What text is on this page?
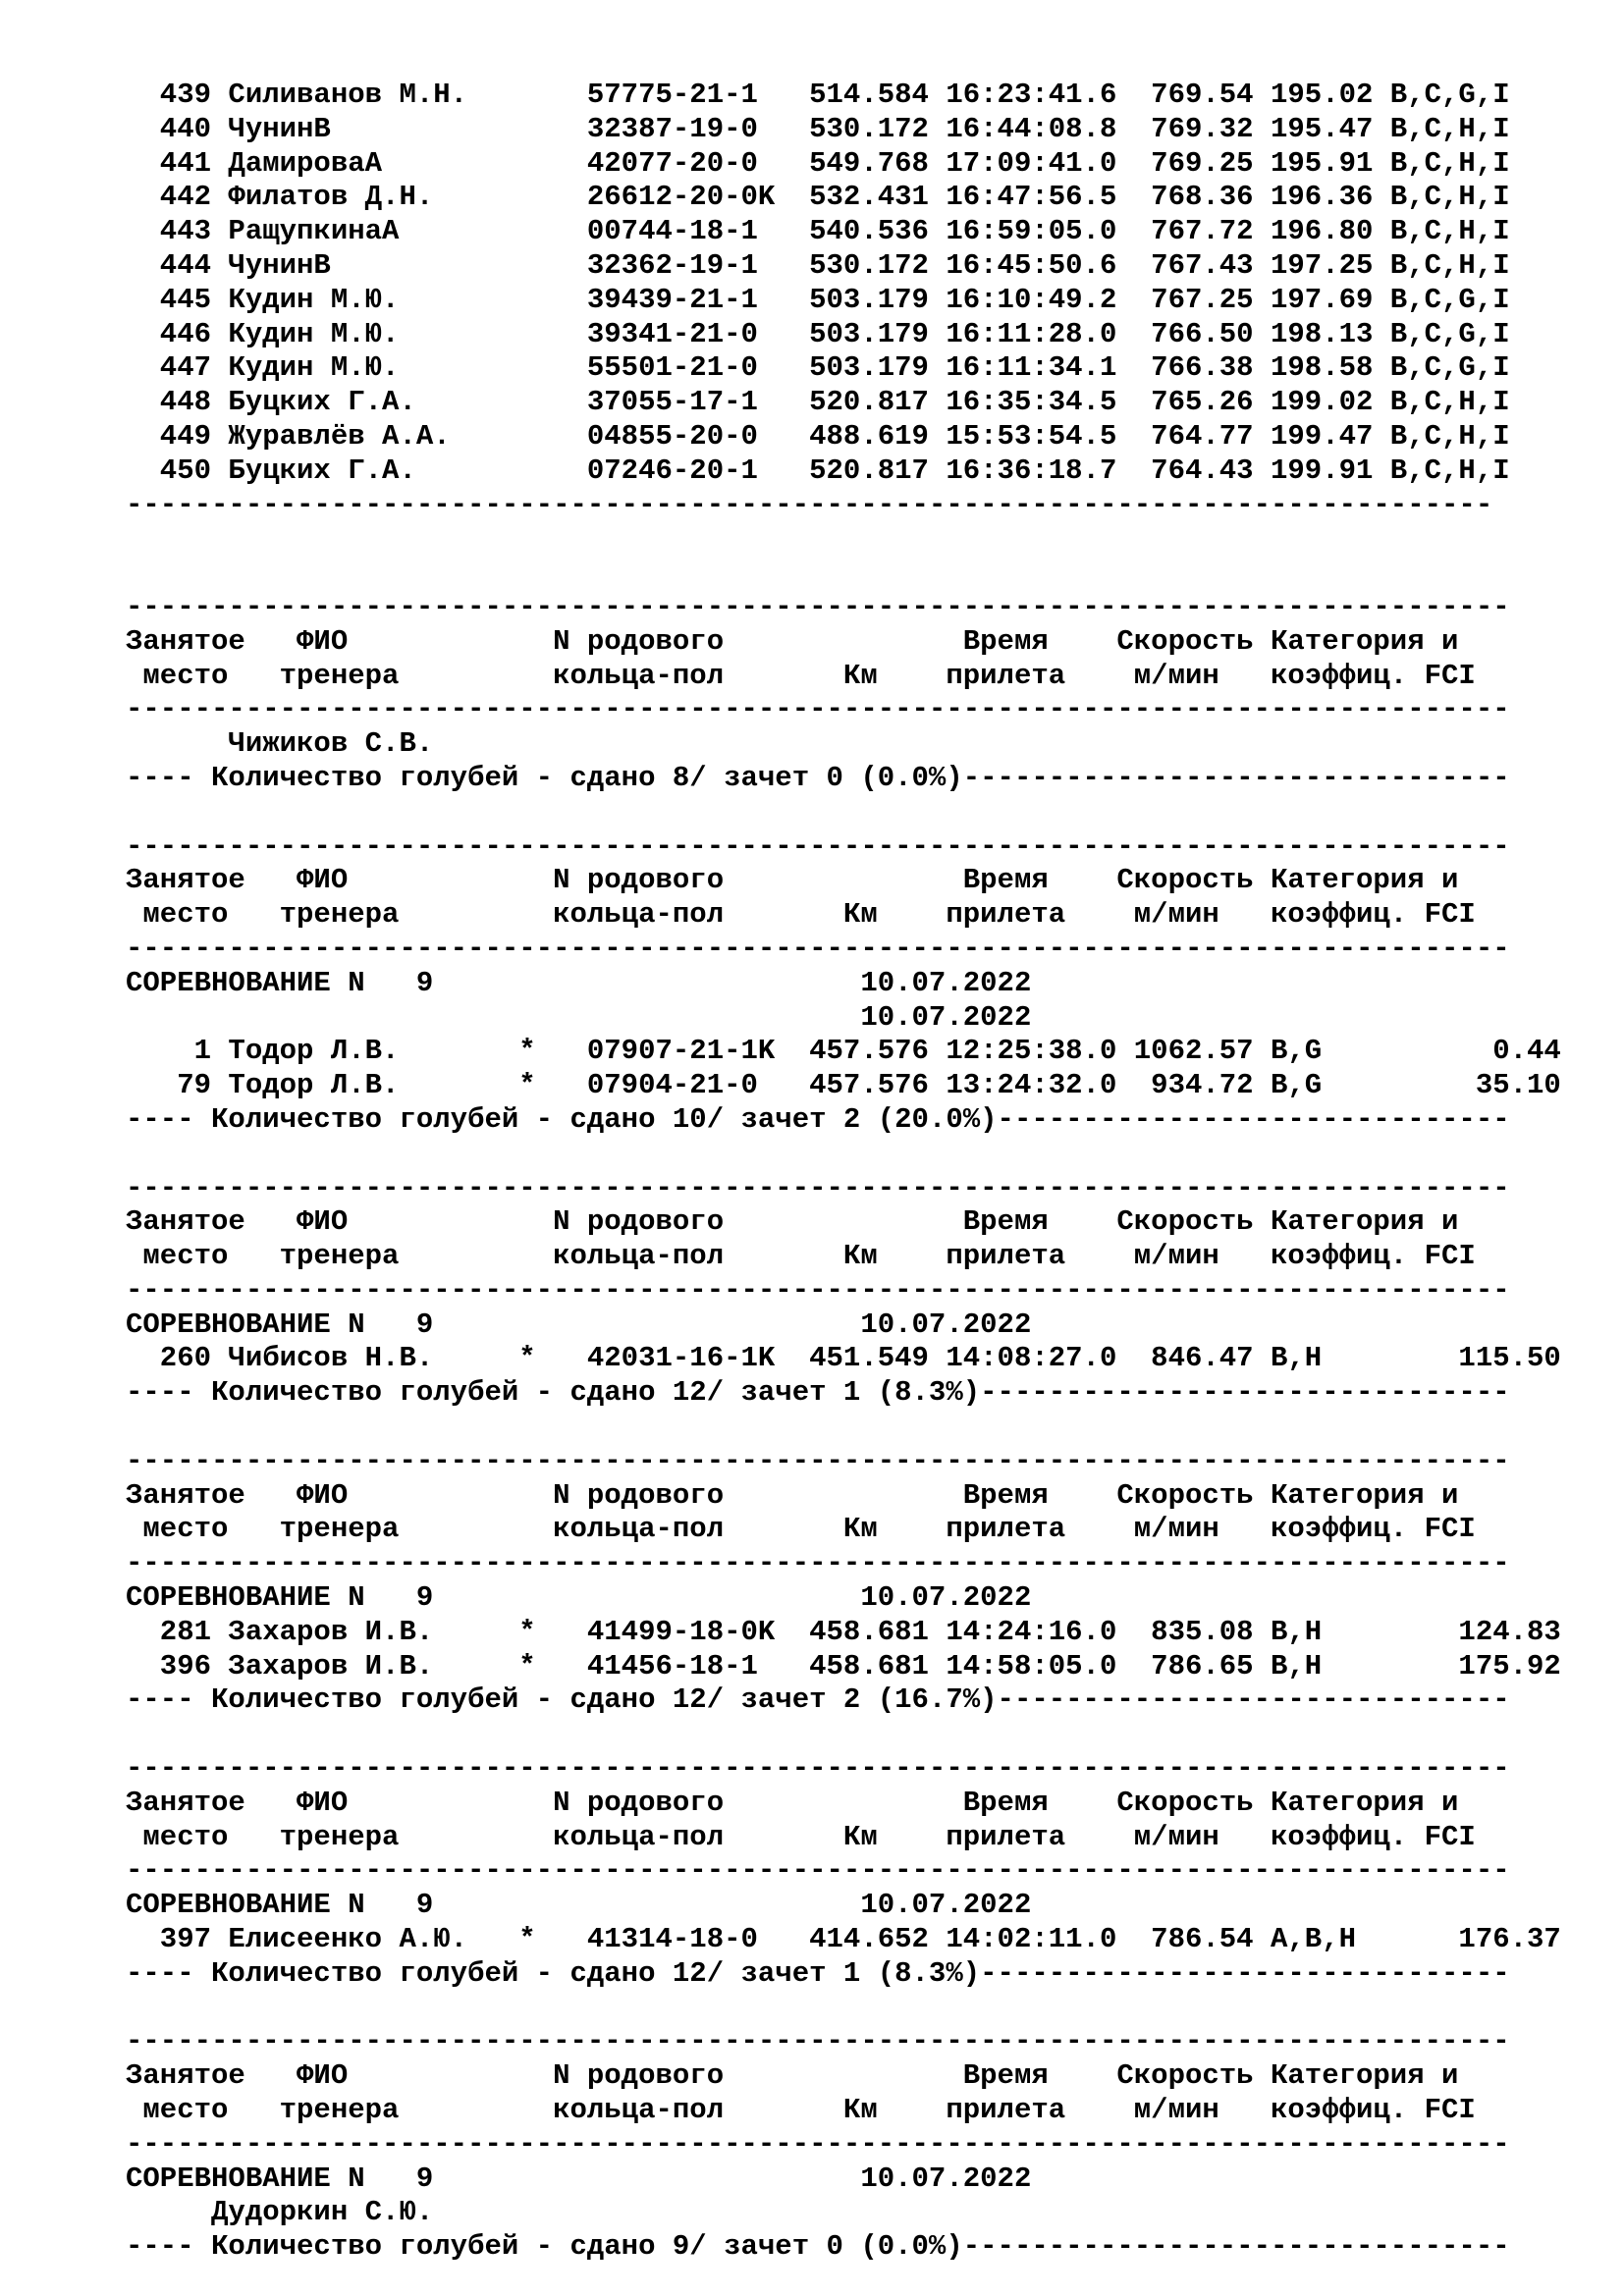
439 Силиванов М.Н.       57775-21-1   514.584 16:23:41.6  769.54 195.02 B,C,G,I
440 ЧунинВ               32387-19-0   530.172 16:44:08.8  769.32 195.47 B,C,H,I
441 ДамироваА            42077-20-0   549.768 17:09:41.0  769.25 195.91 B,C,H,I
442 Филатов Д.Н.         26612-20-0K  532.431 16:47:56.5  768.36 196.36 B,C,H,I
443 РащупкинаА           00744-18-1   540.536 16:59:05.0  767.72 196.80 B,C,H,I
444 ЧунинВ               32362-19-1   530.172 16:45:50.6  767.43 197.25 B,C,H,I
445 Кудин М.Ю.           39439-21-1   503.179 16:10:49.2  767.25 197.69 B,C,G,I
446 Кудин М.Ю.           39341-21-0   503.179 16:11:28.0  766.50 198.13 B,C,G,I
447 Кудин М.Ю.           55501-21-0   503.179 16:11:34.1  766.38 198.58 B,C,G,I
448 Буцких Г.А.          37055-17-1   520.817 16:35:34.5  765.26 199.02 B,C,H,I
449 Журавлёв А.А.        04855-20-0   488.619 15:53:54.5  764.77 199.47 B,C,H,I
450 Буцких Г.А.          07246-20-1   520.817 16:36:18.7  764.43 199.91 B,C,H,I
--------------------------------------------------------------------------------
---------------------------------------------------------------------------------
Занятое   ФИО            N родового              Время    Скорость Категория и
место   тренера         кольца-пол       Км    прилета    м/мин   коэффиц. FCI
---------------------------------------------------------------------------------
Чижиков С.В.
---- Количество голубей - сдано 8/ зачет 0 (0.0%)--------------------------------
---------------------------------------------------------------------------------
Занятое   ФИО            N родового              Время    Скорость Категория и
место   тренера         кольца-пол       Км    прилета    м/мин   коэффиц. FCI
---------------------------------------------------------------------------------
СОРЕВНОВАНИЕ N   9                         10.07.2022
10.07.2022
1 Тодор Л.В.       *   07907-21-1K  457.576 12:25:38.0 1062.57 B,G          0.44
79 Тодор Л.В.       *   07904-21-0   457.576 13:24:32.0  934.72 B,G         35.10
---- Количество голубей - сдано 10/ зачет 2 (20.0%)------------------------------
---------------------------------------------------------------------------------
Занятое   ФИО            N родового              Время    Скорость Категория и
место   тренера         кольца-пол       Км    прилета    м/мин   коэффиц. FCI
---------------------------------------------------------------------------------
СОРЕВНОВАНИЕ N   9                         10.07.2022
260 Чибисов Н.В.     *   42031-16-1K  451.549 14:08:27.0  846.47 B,H        115.50
---- Количество голубей - сдано 12/ зачет 1 (8.3%)-------------------------------
---------------------------------------------------------------------------------
Занятое   ФИО            N родового              Время    Скорость Категория и
место   тренера         кольца-пол       Км    прилета    м/мин   коэффиц. FCI
---------------------------------------------------------------------------------
СОРЕВНОВАНИЕ N   9                         10.07.2022
281 Захаров И.В.     *   41499-18-0K  458.681 14:24:16.0  835.08 B,H        124.83
396 Захаров И.В.     *   41456-18-1   458.681 14:58:05.0  786.65 B,H        175.92
---- Количество голубей - сдано 12/ зачет 2 (16.7%)------------------------------
---------------------------------------------------------------------------------
Занятое   ФИО            N родового              Время    Скорость Категория и
место   тренера         кольца-пол       Км    прилета    м/мин   коэффиц. FCI
---------------------------------------------------------------------------------
СОРЕВНОВАНИЕ N   9                         10.07.2022
397 Елисеенко А.Ю.   *   41314-18-0   414.652 14:02:11.0  786.54 A,B,H      176.37
---- Количество голубей - сдано 12/ зачет 1 (8.3%)-------------------------------
---------------------------------------------------------------------------------
Занятое   ФИО            N родового              Время    Скорость Категория и
место   тренера         кольца-пол       Км    прилета    м/мин   коэффиц. FCI
---------------------------------------------------------------------------------
СОРЕВНОВАНИЕ N   9                         10.07.2022
Дудоркин С.Ю.
---- Количество голубей - сдано 9/ зачет 0 (0.0%)--------------------------------
